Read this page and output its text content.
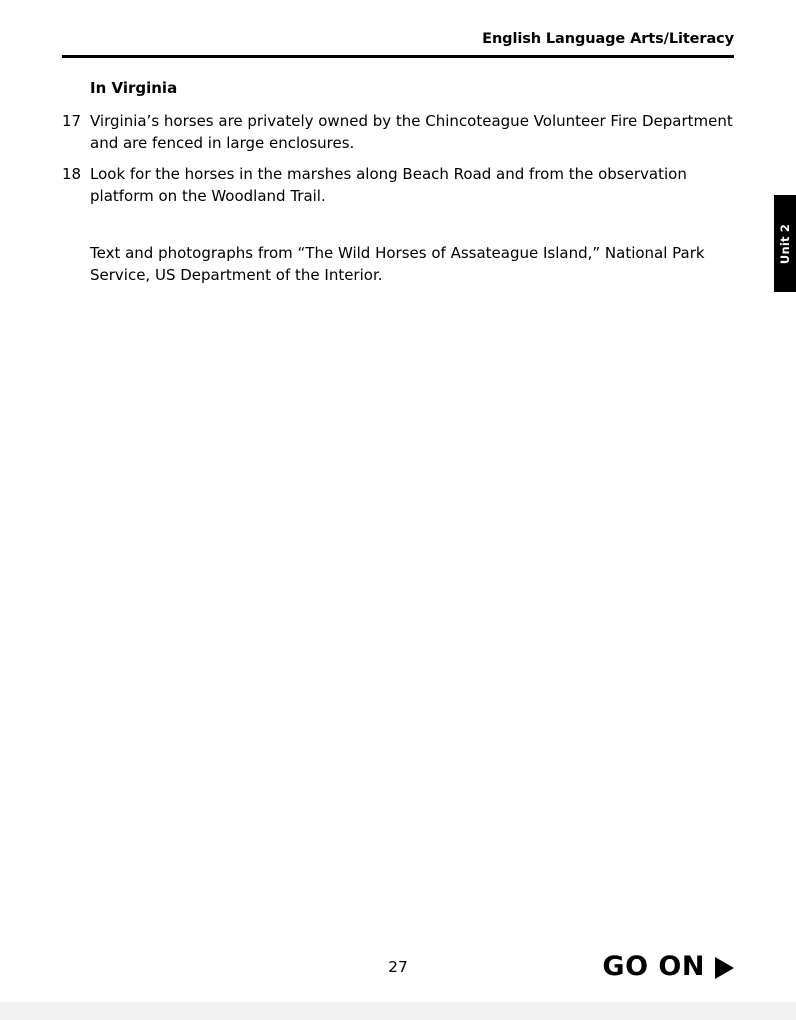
English Language Arts/Literacy
In Virginia
17 Virginia’s horses are privately owned by the Chincoteague Volunteer Fire Department and are fenced in large enclosures.
18 Look for the horses in the marshes along Beach Road and from the observation platform on the Woodland Trail.
Text and photographs from “The Wild Horses of Assateague Island,” National Park Service, US Department of the Interior.
Unit 2
27	GO ON
